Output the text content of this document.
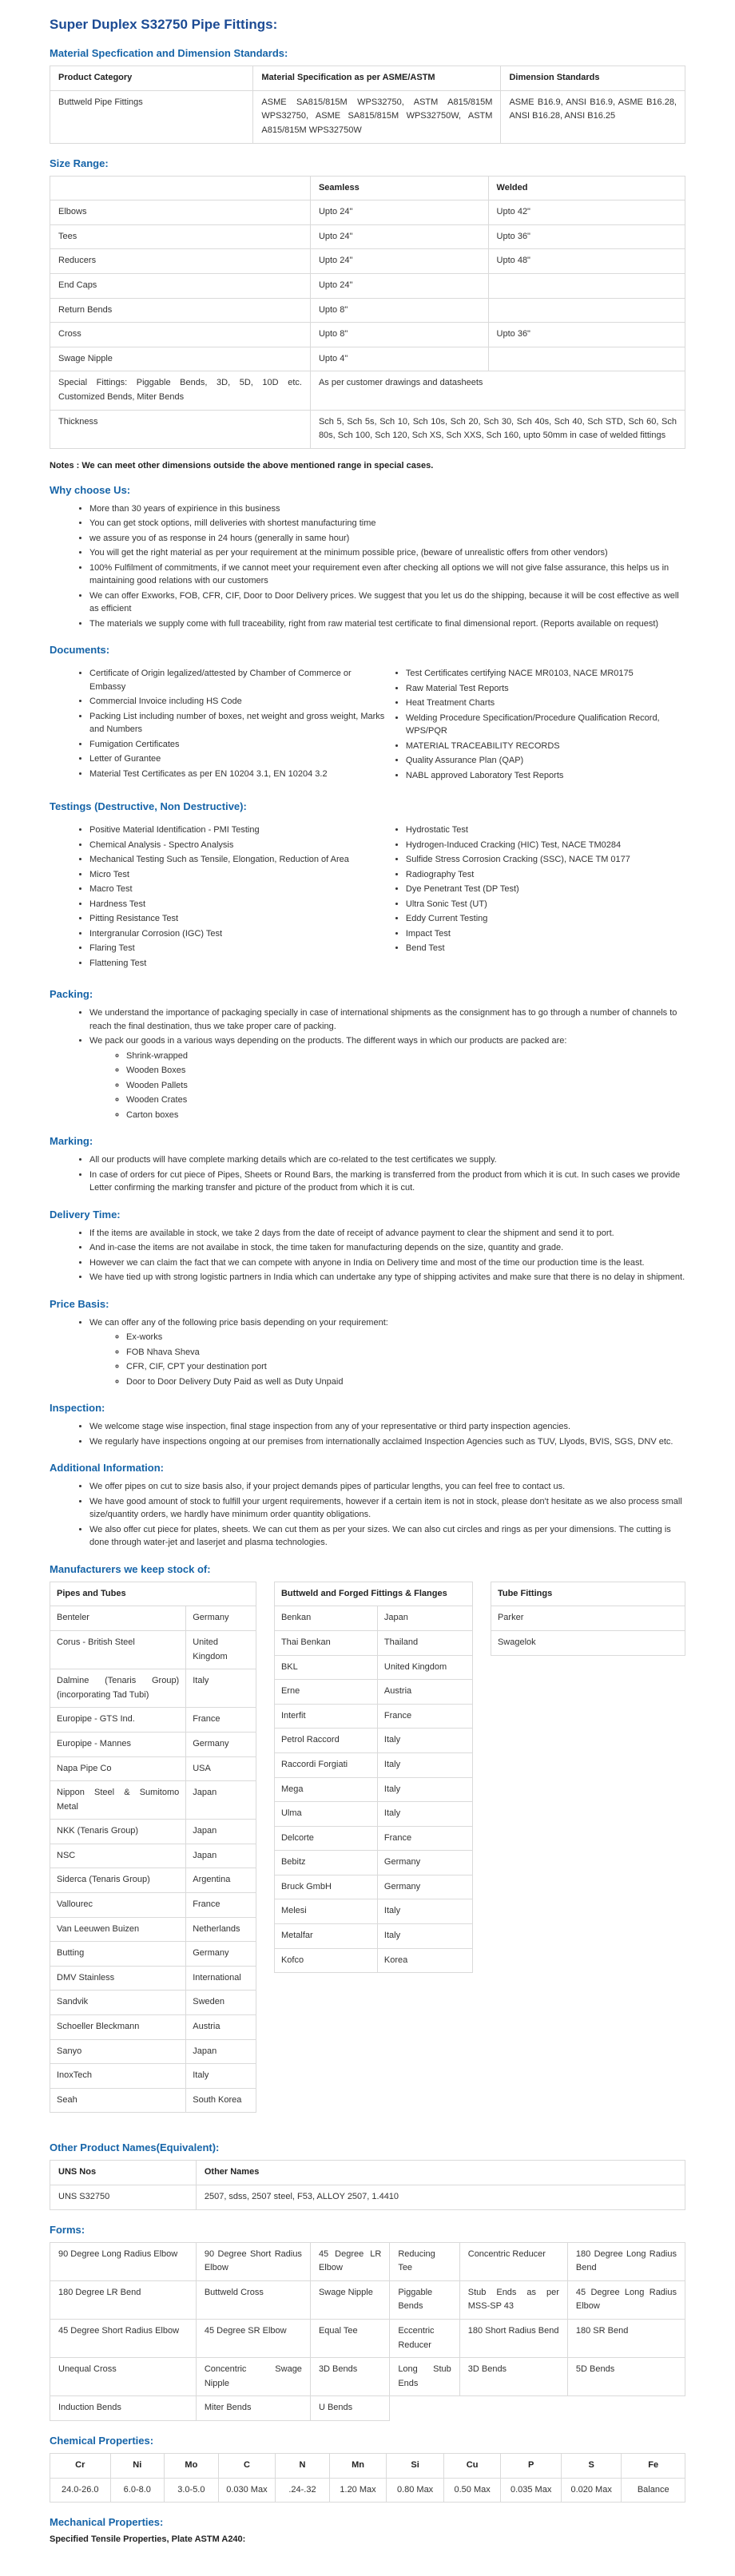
Super Duplex S32750 Pipe Fittings:
Material Specfication and Dimension Standards:
Product Category	Material Specification as per ASME/ASTM	Dimension Standards
Buttweld Pipe Fittings	ASME SA815/815M WPS32750, ASTM A815/815M WPS32750, ASME SA815/815M WPS32750W, ASTM A815/815M WPS32750W	ASME B16.9, ANSI B16.9, ASME B16.28, ANSI B16.28, ANSI B16.25
Size Range:
	Seamless	Welded
Elbows	Upto 24"	Upto 42"
Tees	Upto 24"	Upto 36"
Reducers	Upto 24"	Upto 48"
End Caps	Upto 24"	
Return Bends	Upto 8"	
Cross	Upto 8"	Upto 36"
Swage Nipple	Upto 4"	
Special Fittings: Piggable Bends, 3D, 5D, 10D etc. Customized Bends, Miter Bends	As per customer drawings and datasheets	
Thickness	Sch 5, Sch 5s, Sch 10, Sch 10s, Sch 20, Sch 30, Sch 40s, Sch 40, Sch STD, Sch 60, Sch 80s, Sch 100, Sch 120, Sch XS, Sch XXS, Sch 160, upto 50mm in case of welded fittings	

Notes : We can meet other dimensions outside the above mentioned range in special cases.

Why choose Us:
• More than 30 years of expirience in this business
• You can get stock options, mill deliveries with shortest manufacturing time
• we assure you of as response in 24 hours (generally in same hour)
• You will get the right material as per your requirement at the minimum possible price, (beware of unrealistic offers from other vendors)
• 100% Fulfilment of commitments, if we cannot meet your requirement even after checking all options we will not give false assurance, this helps us in maintaining good relations with our customers
• We can offer Exworks, FOB, CFR, CIF, Door to Door Delivery prices. We suggest that you let us do the shipping, because it will be cost effective as well as efficient
• The materials we supply come with full traceability, right from raw material test certificate to final dimensional report. (Reports available on request)
Documents:
• Certificate of Origin legalized/attested by Chamber of Commerce or Embassy
• Commercial Invoice including HS Code
• Packing List including number of boxes, net weight and gross weight, Marks and Numbers
• Fumigation Certificates
• Letter of Gurantee
• Material Test Certificates as per EN 10204 3.1, EN 10204 3.2
• Test Certificates certifying NACE MR0103, NACE MR0175
• Raw Material Test Reports
• Heat Treatment Charts
• Welding Procedure Specification/Procedure Qualification Record, WPS/PQR
• MATERIAL TRACEABILITY RECORDS
• Quality Assurance Plan (QAP)
• NABL approved Laboratory Test Reports
Testings (Destructive, Non Destructive):
• Positive Material Identification - PMI Testing
• Chemical Analysis - Spectro Analysis
• Mechanical Testing Such as Tensile, Elongation, Reduction of Area
• Micro Test
• Macro Test
• Hardness Test
• Pitting Resistance Test
• Intergranular Corrosion (IGC) Test
• Flaring Test
• Flattening Test
• Hydrostatic Test
• Hydrogen-Induced Cracking (HIC) Test, NACE TM0284
• Sulfide Stress Corrosion Cracking (SSC), NACE TM 0177
• Radiography Test
• Dye Penetrant Test (DP Test)
• Ultra Sonic Test (UT)
• Eddy Current Testing
• Impact Test
• Bend Test
Packing:
• We understand the importance of packaging specially in case of international shipments as the consignment has to go through a number of channels to reach the final destination, thus we take proper care of packing.
• We pack our goods in a various ways depending on the products. The different ways in which our products are packed are:
◦ Shrink-wrapped
◦ Wooden Boxes
◦ Wooden Pallets
◦ Wooden Crates
◦ Carton boxes
Marking:
• All our products will have complete marking details which are co-related to the test certificates we supply.
• In case of orders for cut piece of Pipes, Sheets or Round Bars, the marking is transferred from the product from which it is cut. In such cases we provide Letter confirming the marking transfer and picture of the product from which it is cut.
Delivery Time:
• If the items are available in stock, we take 2 days from the date of receipt of advance payment to clear the shipment and send it to port.
• And in-case the items are not availabe in stock, the time taken for manufacturing depends on the size, quantity and grade.
• However we can claim the fact that we can compete with anyone in India on Delivery time and most of the time our production time is the least.
• We have tied up with strong logistic partners in India which can undertake any type of shipping activites and make sure that there is no delay in shipment.
Price Basis:
• We can offer any of the following price basis depending on your requirement:
◦ Ex-works
◦ FOB Nhava Sheva
◦ CFR, CIF, CPT your destination port
◦ Door to Door Delivery Duty Paid as well as Duty Unpaid
Inspection:
• We welcome stage wise inspection, final stage inspection from any of your representative or third party inspection agencies.
• We regularly have inspections ongoing at our premises from internationally acclaimed Inspection Agencies such as TUV, Llyods, BVIS, SGS, DNV etc.
Additional Information:
• We offer pipes on cut to size basis also, if your project demands pipes of particular lengths, you can feel free to contact us.
• We have good amount of stock to fulfill your urgent requirements, however if a certain item is not in stock, please don't hesitate as we also process small size/quantity orders, we hardly have minimum order quantity obligations.
• We also offer cut piece for plates, sheets. We can cut them as per your sizes. We can also cut circles and rings as per your dimensions. The cutting is done through water-jet and laserjet and plasma technologies.
Manufacturers we keep stock of:
Pipes and Tubes	
Benteler	Germany
Corus - British Steel	United Kingdom
Dalmine (Tenaris Group) (incorporating Tad Tubi)	Italy
Europipe - GTS Ind.	France
Europipe - Mannes	Germany
Napa Pipe Co	USA
Nippon Steel & Sumitomo Metal	Japan
NKK (Tenaris Group)	Japan
NSC	Japan
Siderca (Tenaris Group)	Argentina
Vallourec	France
Van Leeuwen Buizen	Netherlands
Butting	Germany
DMV Stainless	International
Sandvik	Sweden
Schoeller Bleckmann	Austria
Sanyo	Japan
InoxTech	Italy
Seah	South Korea
Buttweld and Forged Fittings & Flanges	
Benkan	Japan
Thai Benkan	Thailand
BKL	United Kingdom
Erne	Austria
Interfit	France
Petrol Raccord	Italy
Raccordi Forgiati	Italy
Mega	Italy
Ulma	Italy
Delcorte	France
Bebitz	Germany
Bruck GmbH	Germany
Melesi	Italy
Metalfar	Italy
Kofco	Korea
Tube Fittings
Parker
Swagelok
Other Product Names(Equivalent):
UNS Nos	Other Names
UNS S32750	2507, sdss, 2507 steel, F53, ALLOY 2507, 1.4410
Forms:
90 Degree Long Radius Elbow	90 Degree Short Radius Elbow	45 Degree LR Elbow	Reducing Tee	Concentric Reducer	180 Degree Long Radius Bend
180 Degree LR Bend	Buttweld Cross	Swage Nipple	Piggable Bends	Stub Ends as per MSS-SP 43	45 Degree Long Radius Elbow
45 Degree Short Radius Elbow	45 Degree SR Elbow	Equal Tee	Eccentric Reducer	180 Short Radius Bend	180 SR Bend
Unequal Cross	Concentric Swage Nipple	3D Bends	Long Stub Ends	3D Bends	5D Bends
Induction Bends	Miter Bends	U Bends			
Chemical Properties:
Cr	Ni	Mo	C	N	Mn	Si	Cu	P	S	Fe
24.0-26.0	6.0-8.0	3.0-5.0	0.030 Max	.24-.32	1.20 Max	0.80 Max	0.50 Max	0.035 Max	0.020 Max	Balance
Mechanical Properties:

Specified Tensile Properties, Plate ASTM A240:
